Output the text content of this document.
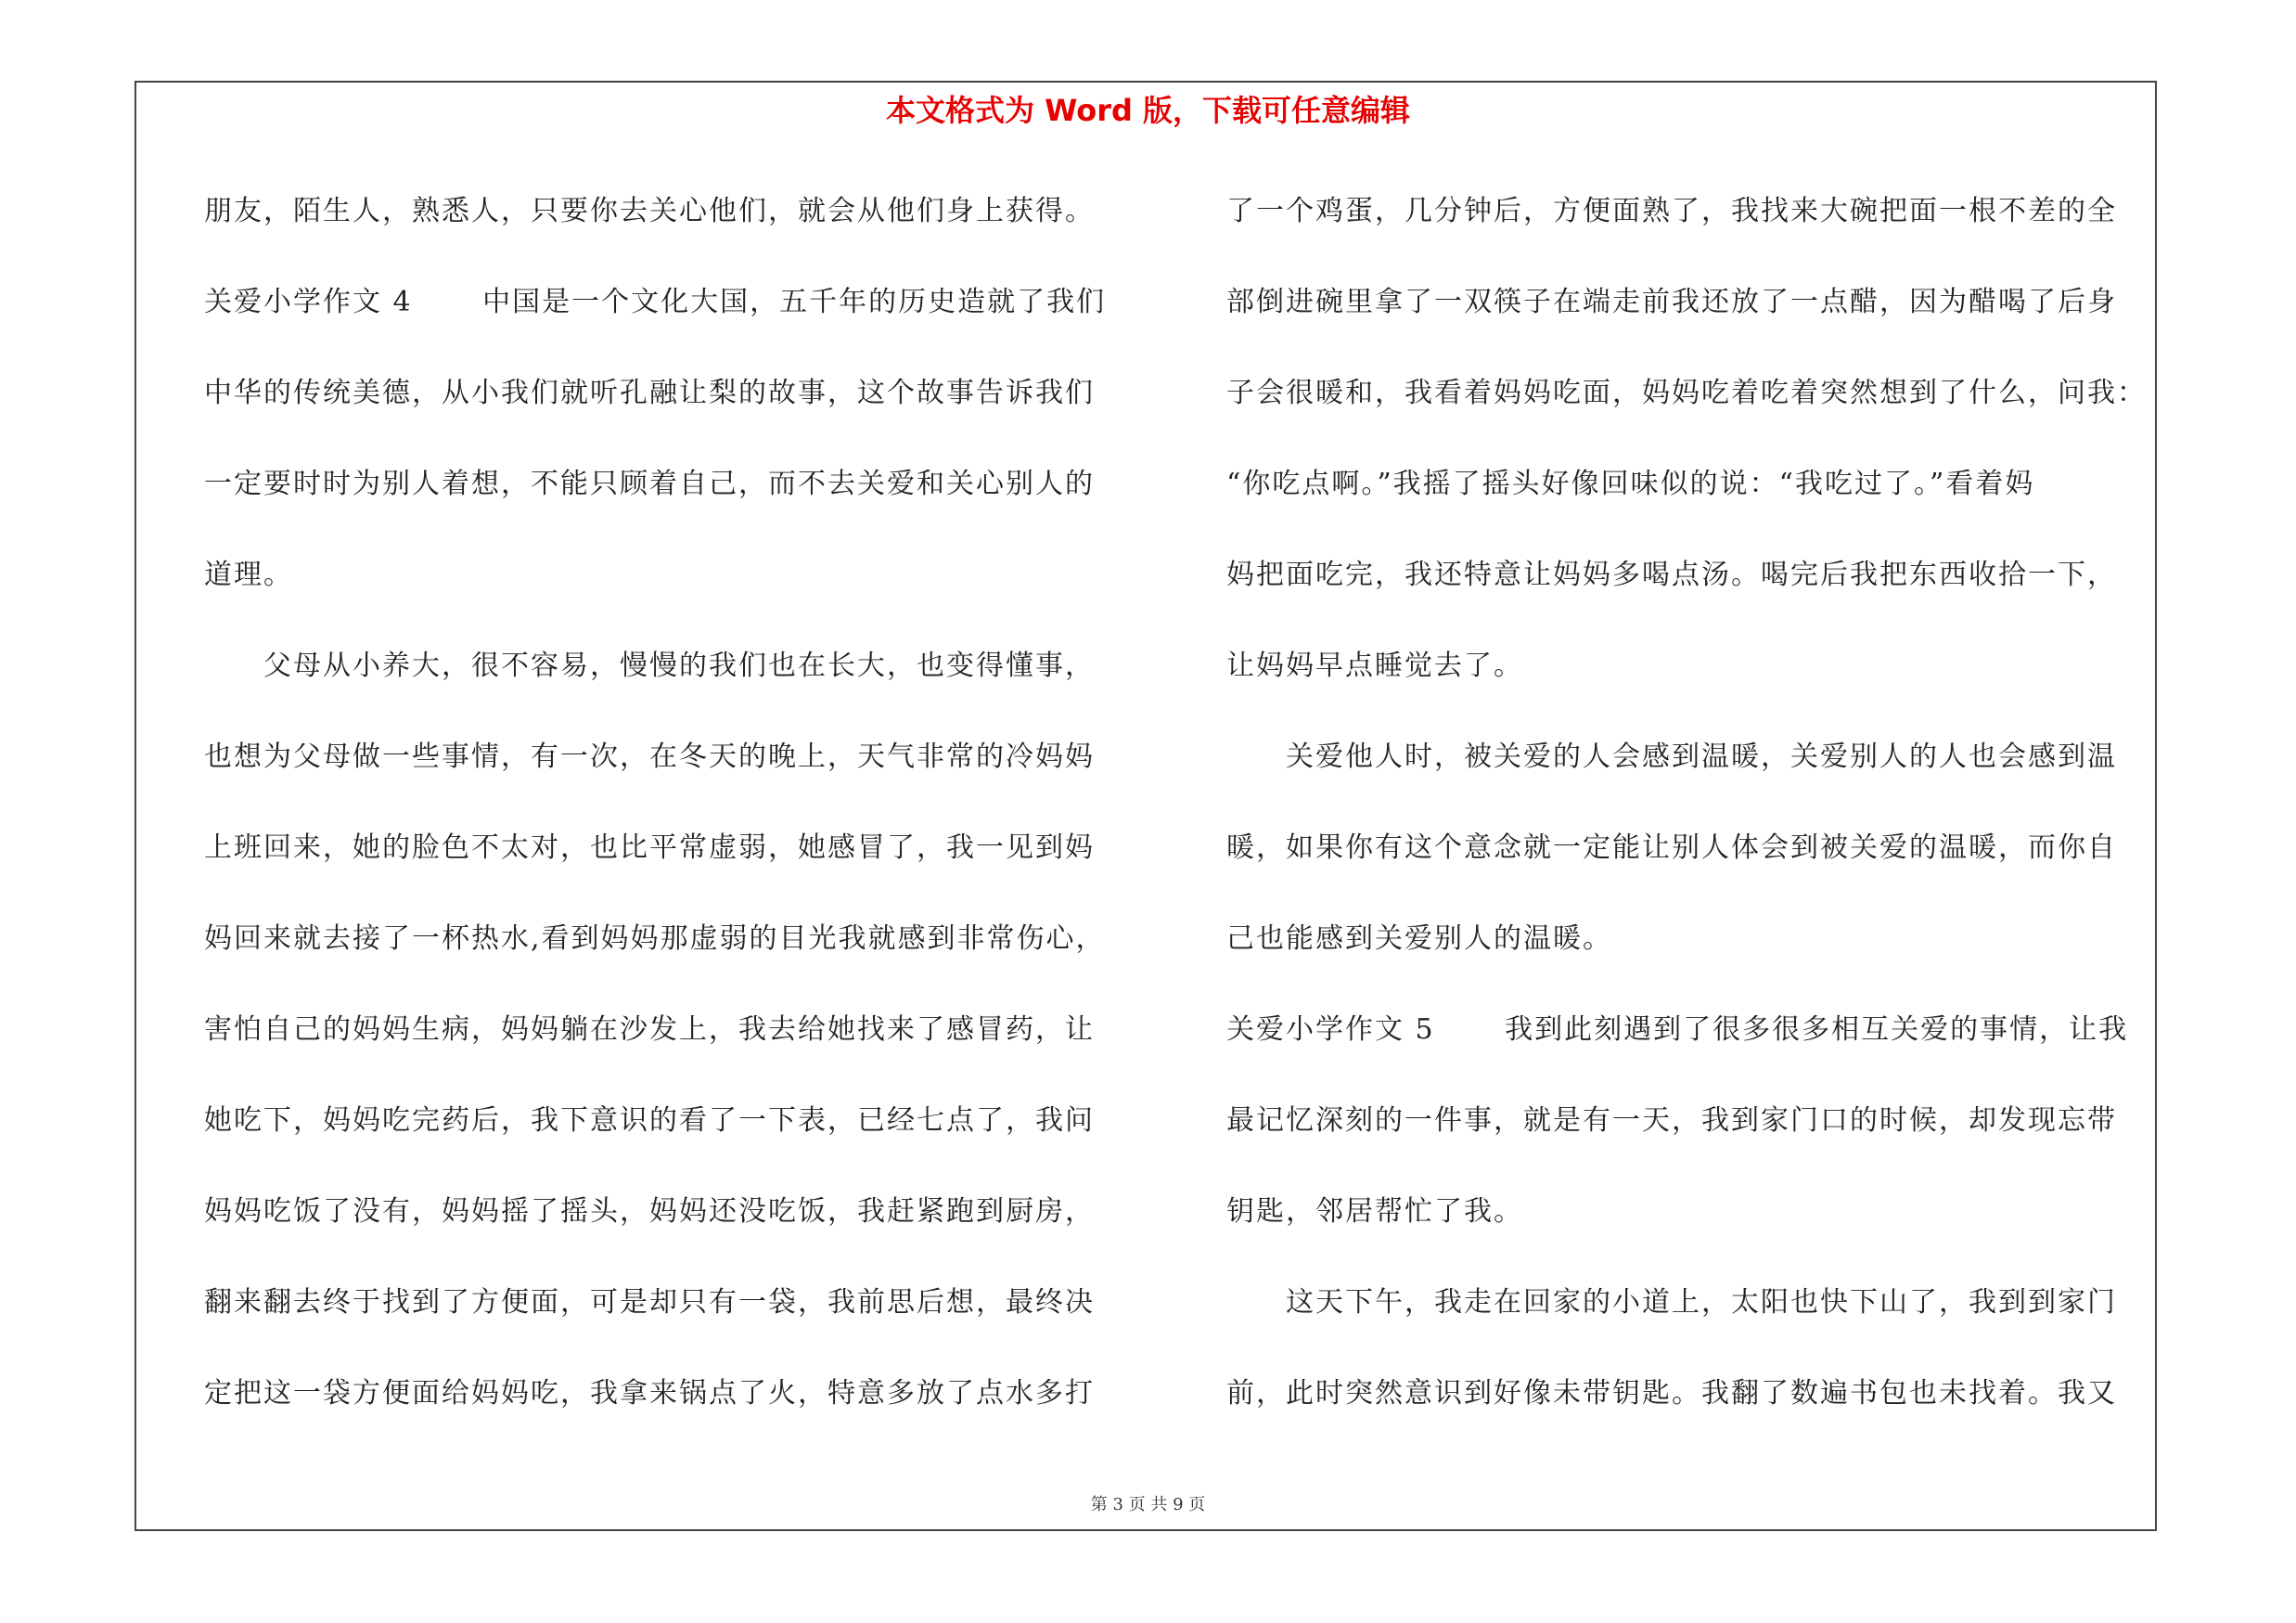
本文格式为 Word 版，下载可任意编辑
朋友，陌生人，熟悉人，只要你去关心他们，就会从他们身上获得。
关爱小学作文 4　　 中国是一个文化大国，五千年的历史造就了我们
中华的传统美德，从小我们就听孔融让梨的故事，这个故事告诉我们
一定要时时为别人着想，不能只顾着自己，而不去关爱和关心别人的
道理。
　　父母从小养大，很不容易，慢慢的我们也在长大，也变得懂事，
也想为父母做一些事情，有一次，在冬天的晚上，天气非常的冷妈妈
上班回来，她的脸色不太对，也比平常虚弱，她感冒了，我一见到妈
妈回来就去接了一杯热水,看到妈妈那虚弱的目光我就感到非常伤心，
害怕自己的妈妈生病，妈妈躺在沙发上，我去给她找来了感冒药，让
她吃下，妈妈吃完药后，我下意识的看了一下表，已经七点了，我问
妈妈吃饭了没有，妈妈摇了摇头，妈妈还没吃饭，我赶紧跑到厨房，
翻来翻去终于找到了方便面，可是却只有一袋，我前思后想，最终决
定把这一袋方便面给妈妈吃，我拿来锅点了火，特意多放了点水多打
了一个鸡蛋，几分钟后，方便面熟了，我找来大碗把面一根不差的全
部倒进碗里拿了一双筷子在端走前我还放了一点醋，因为醋喝了后身
子会很暖和，我看着妈妈吃面，妈妈吃着吃着突然想到了什么，问我：
“你吃点啊。”我摇了摇头好像回味似的说：“我吃过了。”看着妈
妈把面吃完，我还特意让妈妈多喝点汤。喝完后我把东西收拾一下，
让妈妈早点睡觉去了。
　　关爱他人时，被关爱的人会感到温暖，关爱别人的人也会感到温
暖，如果你有这个意念就一定能让别人体会到被关爱的温暖，而你自
己也能感到关爱别人的温暖。
关爱小学作文 5　　 我到此刻遇到了很多很多相互关爱的事情，让我
最记忆深刻的一件事，就是有一天，我到家门口的时候，却发现忘带
钥匙，邻居帮忙了我。
　　这天下午，我走在回家的小道上，太阳也快下山了，我到到家门
前，此时突然意识到好像未带钥匙。我翻了数遍书包也未找着。我又
第 3 页 共 9 页
